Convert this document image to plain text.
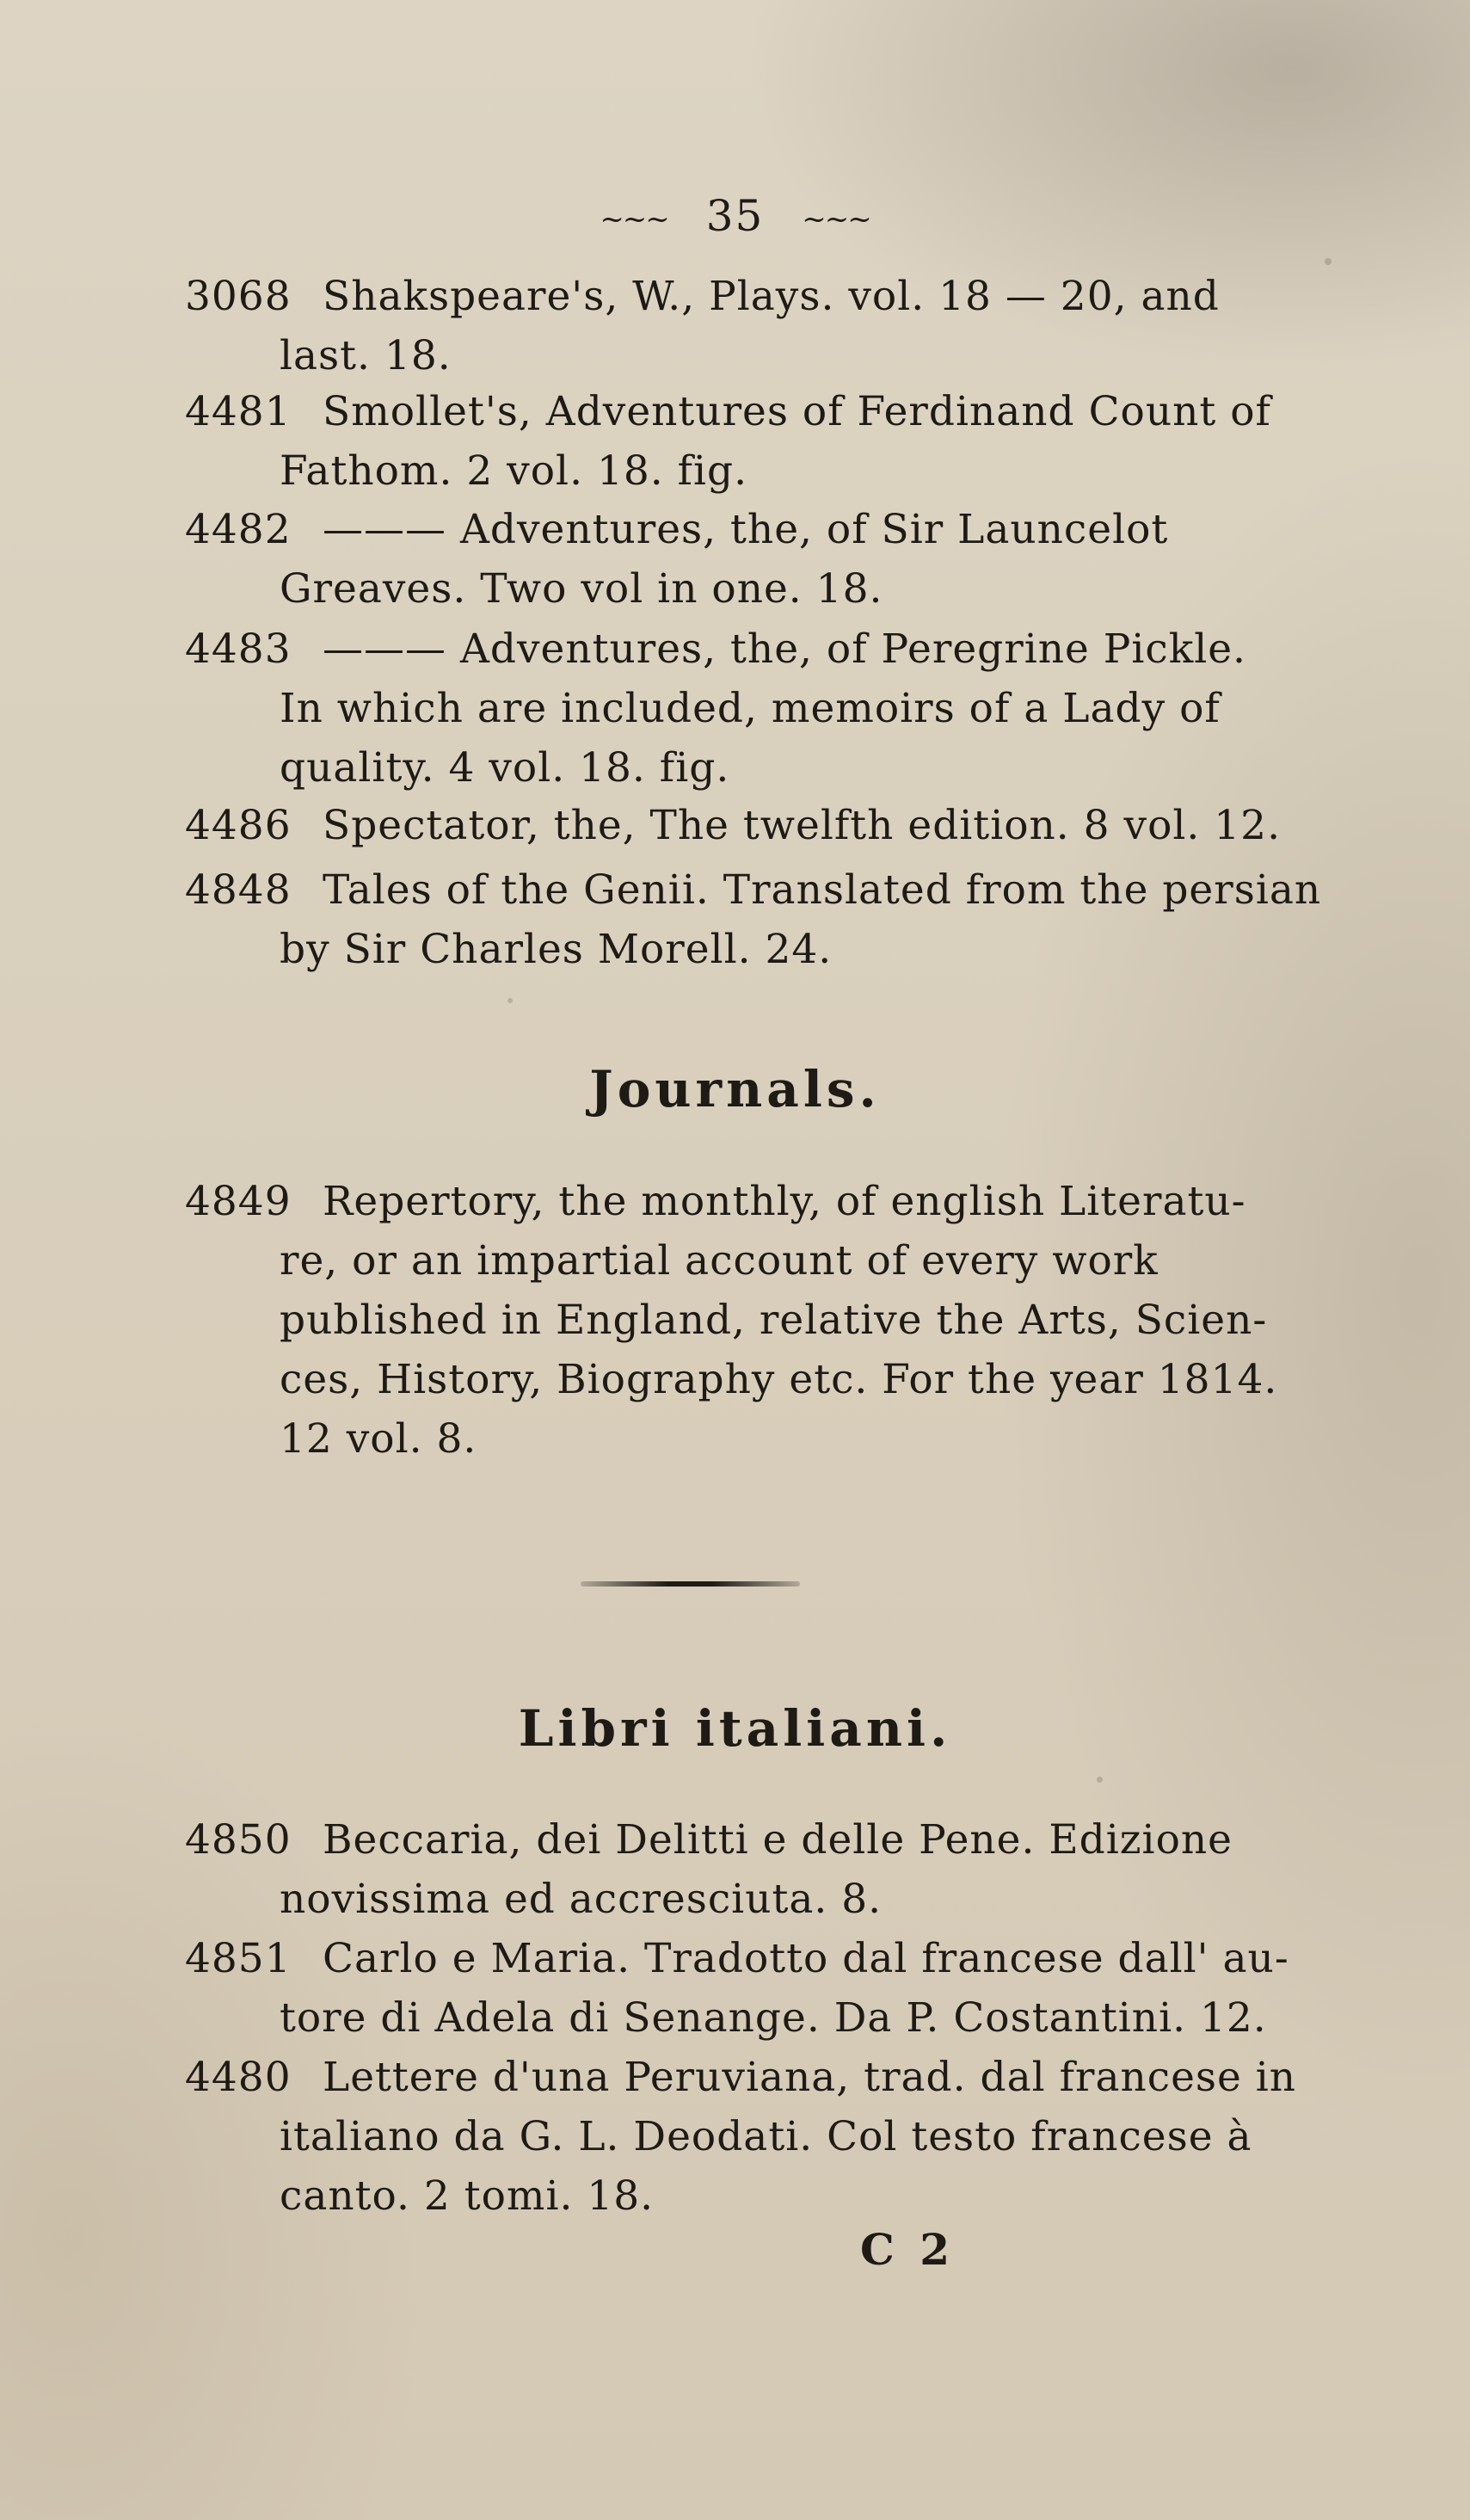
~~~ 35 ~~~
3068 Shakspeare's, W., Plays. vol. 18 — 20, and
last. 18.
4481 Smollet's, Adventures of Ferdinand Count of
Fathom. 2 vol. 18. fig.
4482 ——— Adventures, the, of Sir Launcelot
Greaves. Two vol in one. 18.
4483 ——— Adventures, the, of Peregrine Pickle.
In which are included, memoirs of a Lady of
quality. 4 vol. 18. fig.
4486 Spectator, the, The twelfth edition. 8 vol. 12.
4848 Tales of the Genii. Translated from the persian
by Sir Charles Morell. 24.
Journals.
4849 Repertory, the monthly, of english Literatu-
re, or an impartial account of every work
published in England, relative the Arts, Scien-
ces, History, Biography etc. For the year 1814.
12 vol. 8.
Libri italiani.
4850 Beccaria, dei Delitti e delle Pene. Edizione
novissima ed accresciuta. 8.
4851 Carlo e Maria. Tradotto dal francese dall' au-
tore di Adela di Senange. Da P. Costantini. 12.
4480 Lettere d'una Peruviana, trad. dal francese in
italiano da G. L. Deodati. Col testo francese à
canto. 2 tomi. 18.
C 2
